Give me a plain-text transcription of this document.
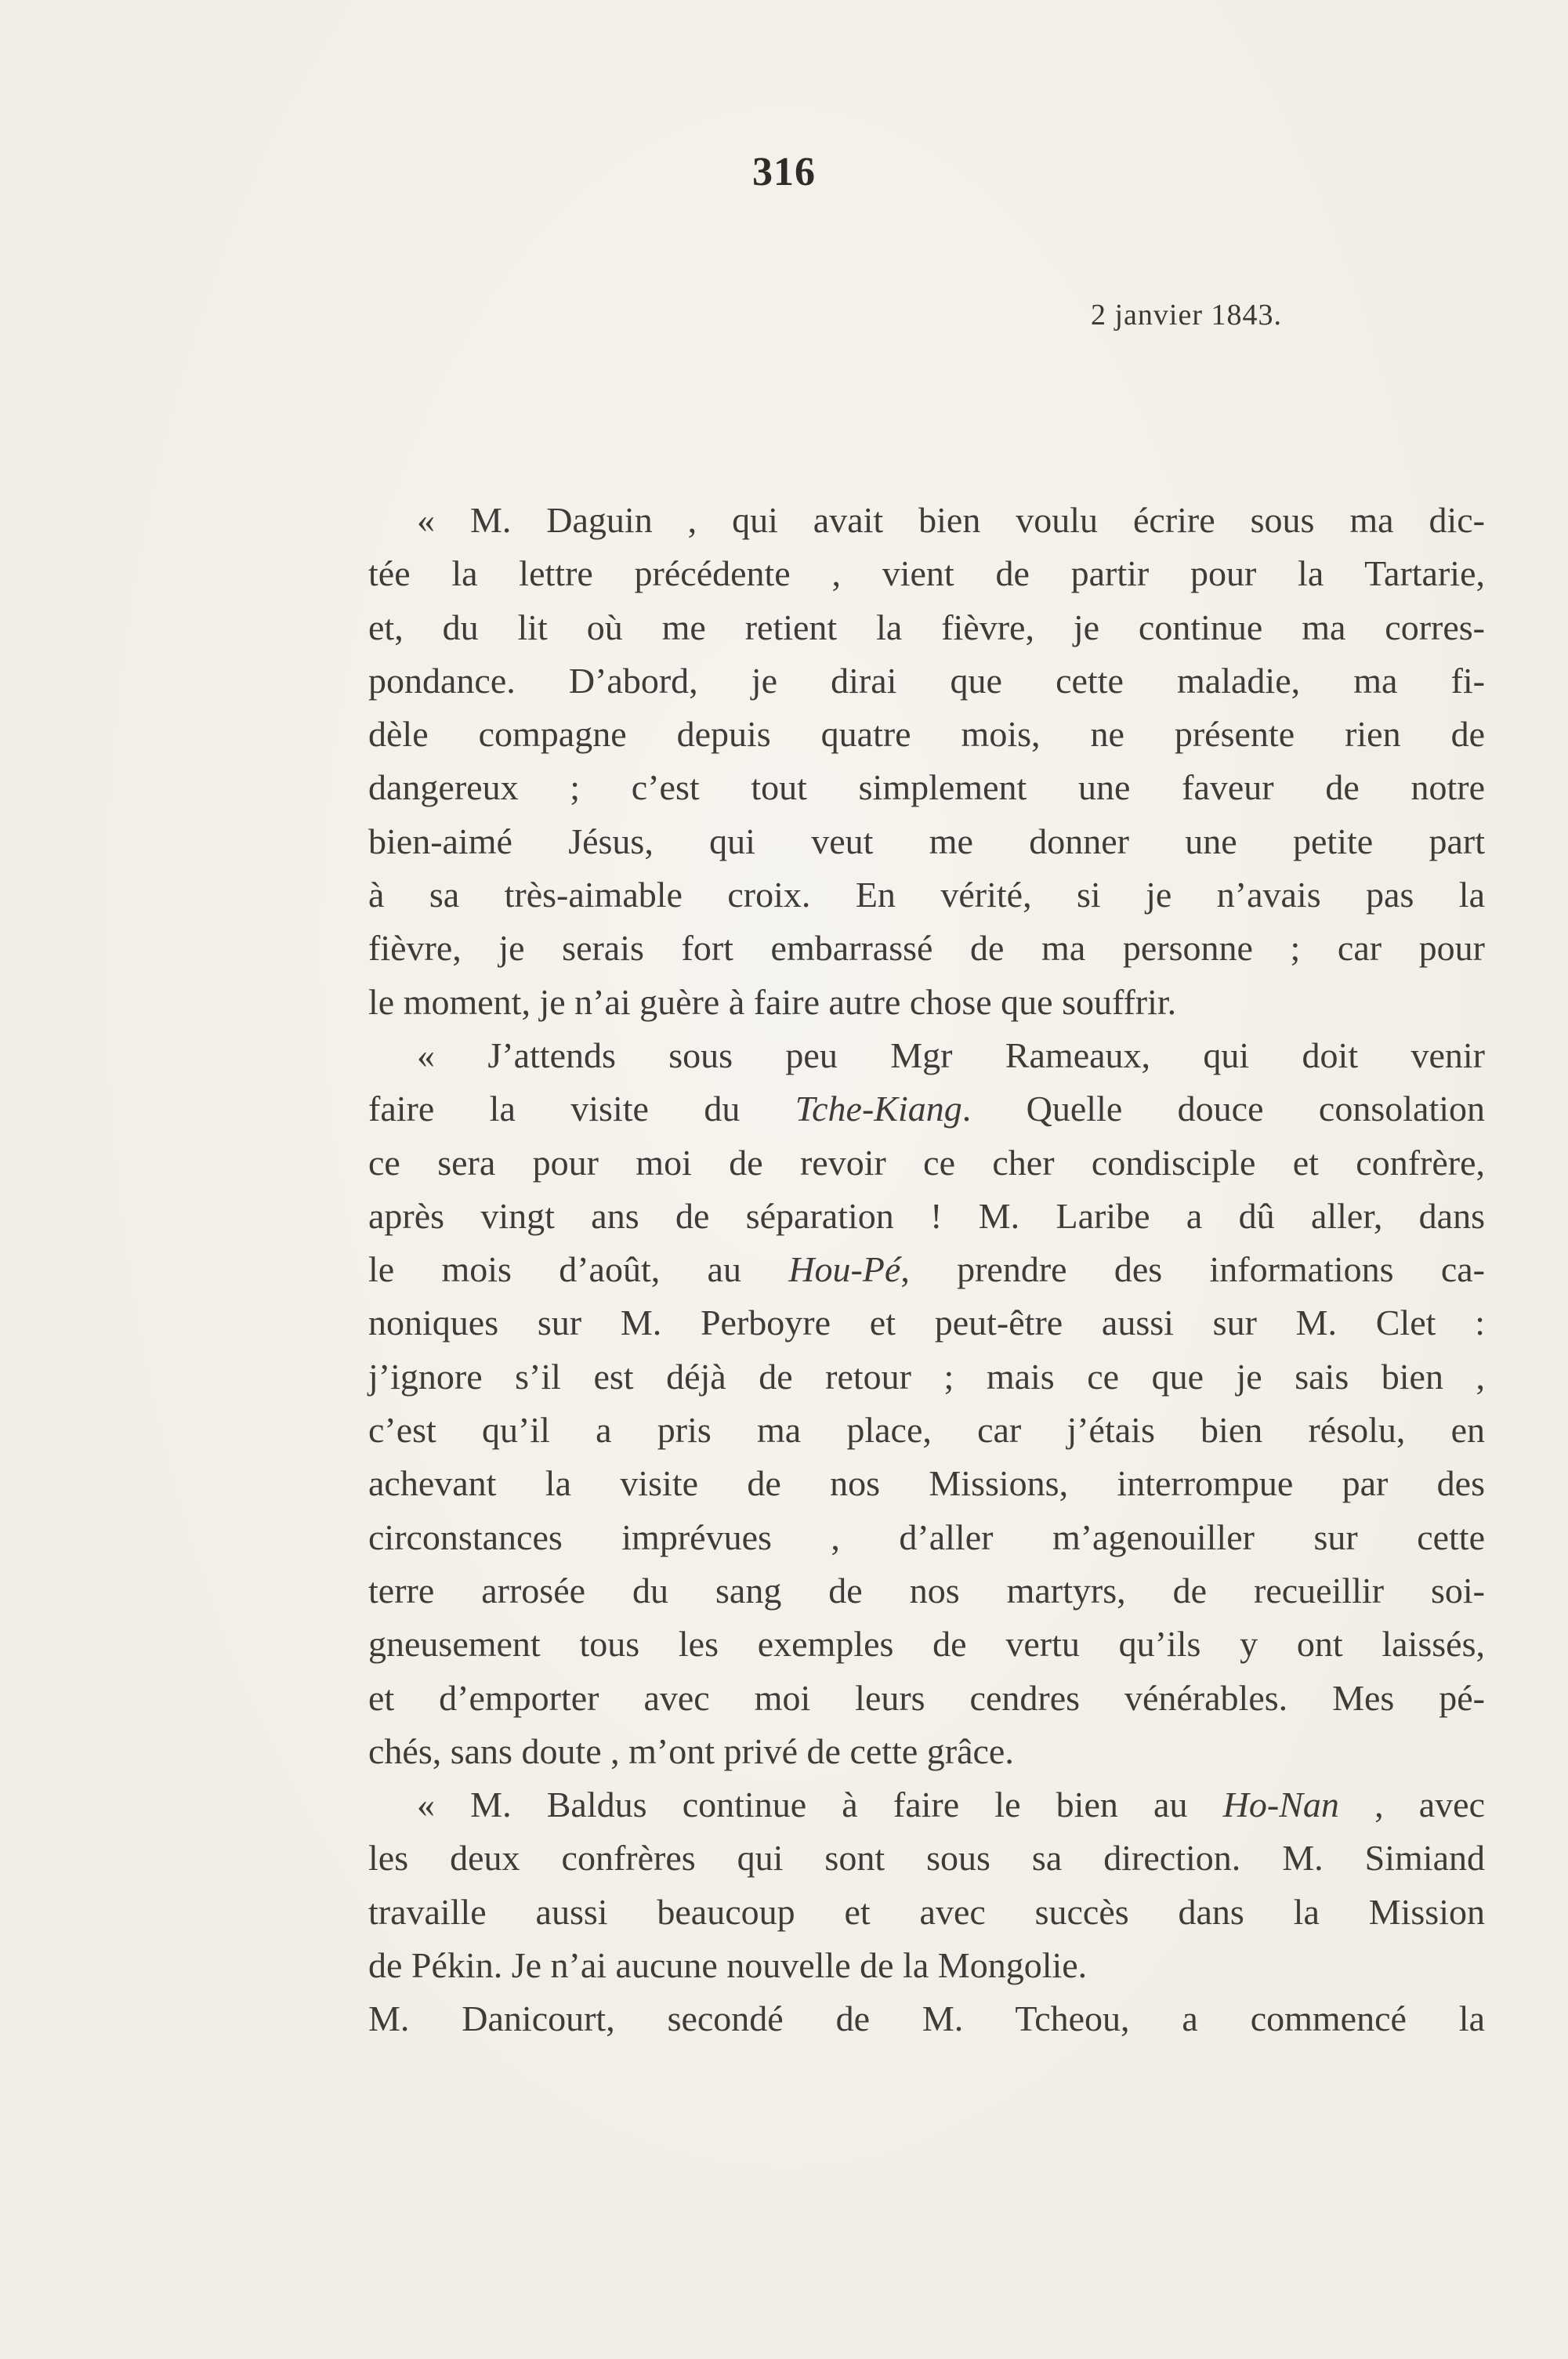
316
2 janvier 1843.

« M. Daguin , qui avait bien voulu écrire sous ma dic-
tée la lettre précédente , vient de partir pour la Tartarie,
et, du lit où me retient la fièvre, je continue ma corres-
pondance. D’abord, je dirai que cette maladie, ma fi-
dèle compagne depuis quatre mois, ne présente rien de
dangereux ; c’est tout simplement une faveur de notre
bien-aimé Jésus, qui veut me donner une petite part
à sa très-aimable croix. En vérité, si je n’avais pas la
fièvre, je serais fort embarrassé de ma personne ; car pour
le moment, je n’ai guère à faire autre chose que souffrir.

« J’attends sous peu Mgr Rameaux, qui doit venir
faire la visite du Tche-Kiang. Quelle douce consolation
ce sera pour moi de revoir ce cher condisciple et confrère,
après vingt ans de séparation ! M. Laribe a dû aller, dans
le mois d’août, au Hou-Pé, prendre des informations ca-
noniques sur M. Perboyre et peut-être aussi sur M. Clet :
j’ignore s’il est déjà de retour ; mais ce que je sais bien ,
c’est qu’il a pris ma place, car j’étais bien résolu, en
achevant la visite de nos Missions, interrompue par des
circonstances imprévues , d’aller m’agenouiller sur cette
terre arrosée du sang de nos martyrs, de recueillir soi-
gneusement tous les exemples de vertu qu’ils y ont laissés,
et d’emporter avec moi leurs cendres vénérables. Mes pé-
chés, sans doute , m’ont privé de cette grâce.

« M. Baldus continue à faire le bien au Ho-Nan , avec
les deux confrères qui sont sous sa direction. M. Simiand
travaille aussi beaucoup et avec succès dans la Mission
de Pékin. Je n’ai aucune nouvelle de la Mongolie.
M. Danicourt, secondé de M. Tcheou, a commencé la
